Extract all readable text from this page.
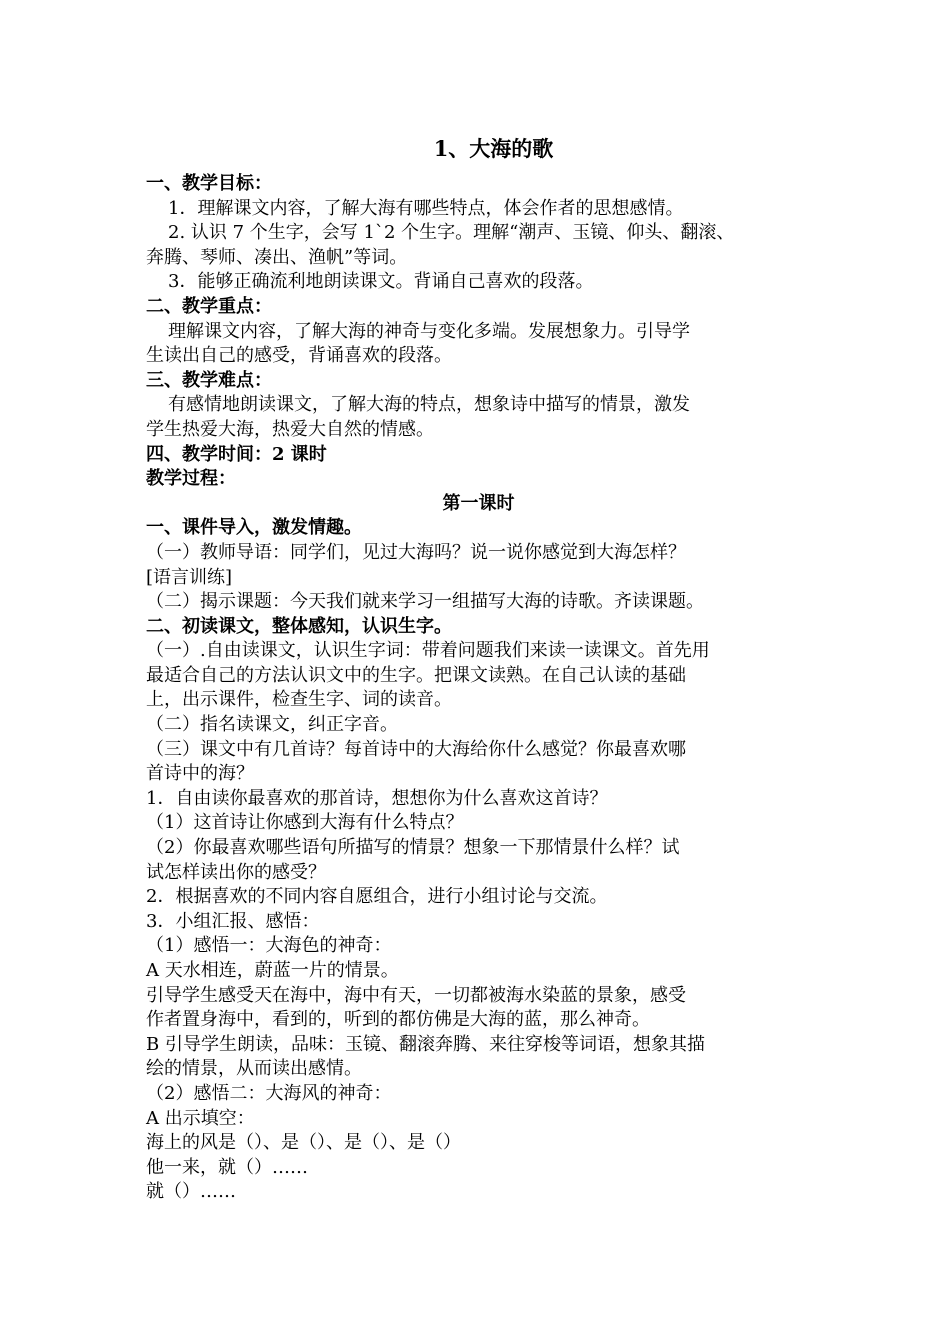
1、大海的歌

一、教学目标：

1．理解课文内容，了解大海有哪些特点，体会作者的思想感情。

2. 认识 7 个生字，会写 1`2 个生字。理解“潮声、玉镜、仰头、翻滚、

奔腾、琴师、凑出、渔帆”等词。

3．能够正确流利地朗读课文。背诵自己喜欢的段落。

二、教学重点：

理解课文内容，了解大海的神奇与变化多端。发展想象力。引导学

生读出自己的感受，背诵喜欢的段落。

三、教学难点：

有感情地朗读课文，了解大海的特点，想象诗中描写的情景，激发

学生热爱大海，热爱大自然的情感。

四、教学时间：2 课时

教学过程：

第一课时

一、课件导入，激发情趣。

（一）教师导语：同学们，见过大海吗？说一说你感觉到大海怎样？

[语言训练]

（二）揭示课题：今天我们就来学习一组描写大海的诗歌。齐读课题。

二、初读课文，整体感知，认识生字。

（一）.自由读课文，认识生字词：带着问题我们来读一读课文。首先用

最适合自己的方法认识文中的生字。把课文读熟。在自己认读的基础

上，出示课件，检查生字、词的读音。

（二）指名读课文，纠正字音。

（三）课文中有几首诗？每首诗中的大海给你什么感觉？你最喜欢哪

首诗中的海？

1．自由读你最喜欢的那首诗，想想你为什么喜欢这首诗？

（1）这首诗让你感到大海有什么特点？

（2）你最喜欢哪些语句所描写的情景？想象一下那情景什么样？试

试怎样读出你的感受？

2．根据喜欢的不同内容自愿组合，进行小组讨论与交流。

3．小组汇报、感悟：

（1）感悟一：大海色的神奇：

A 天水相连，蔚蓝一片的情景。

引导学生感受天在海中，海中有天，一切都被海水染蓝的景象，感受

作者置身海中，看到的，听到的都仿佛是大海的蓝，那么神奇。

B 引导学生朗读，品味：玉镜、翻滚奔腾、来往穿梭等词语，想象其描

绘的情景，从而读出感情。

（2）感悟二：大海风的神奇：

A 出示填空：

海上的风是（）、是（）、是（）、是（）

他一来，就（）……

就（）……
